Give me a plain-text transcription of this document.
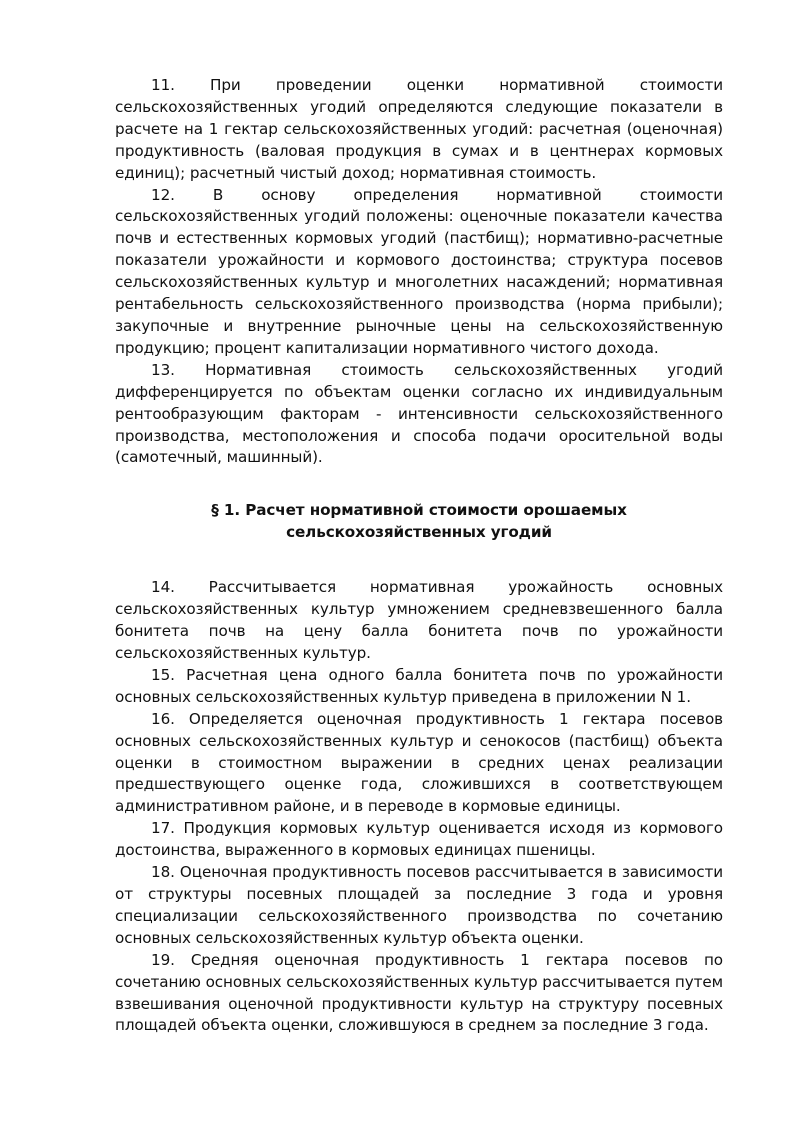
11. При проведении оценки нормативной стоимости сельскохозяйственных угодий определяются следующие показатели в расчете на 1 гектар сельскохозяйственных угодий: расчетная (оценочная) продуктивность (валовая продукция в сумах и в центнерах кормовых единиц); расчетный чистый доход; нормативная стоимость.

12. В основу определения нормативной стоимости сельскохозяйственных угодий положены: оценочные показатели качества почв и естественных кормовых угодий (пастбищ); нормативно-расчетные показатели урожайности и кормового достоинства; структура посевов сельскохозяйственных культур и многолетних насаждений; нормативная рентабельность сельскохозяйственного производства (норма прибыли); закупочные и внутренние рыночные цены на сельскохозяйственную продукцию; процент капитализации нормативного чистого дохода.

13. Нормативная стоимость сельскохозяйственных угодий дифференцируется по объектам оценки согласно их индивидуальным рентообразующим факторам - интенсивности сельскохозяйственного производства, местоположения и способа подачи оросительной воды (самотечный, машинный).

§ 1. Расчет нормативной стоимости орошаемых
сельскохозяйственных угодий

14. Рассчитывается нормативная урожайность основных сельскохозяйственных культур умножением средневзвешенного балла бонитета почв на цену балла бонитета почв по урожайности сельскохозяйственных культур.

15. Расчетная цена одного балла бонитета почв по урожайности основных сельскохозяйственных культур приведена в приложении N 1.

16. Определяется оценочная продуктивность 1 гектара посевов основных сельскохозяйственных культур и сенокосов (пастбищ) объекта оценки в стоимостном выражении в средних ценах реализации предшествующего оценке года, сложившихся в соответствующем административном районе, и в переводе в кормовые единицы.

17. Продукция кормовых культур оценивается исходя из кормового достоинства, выраженного в кормовых единицах пшеницы.

18. Оценочная продуктивность посевов рассчитывается в зависимости от структуры посевных площадей за последние 3 года и уровня специализации сельскохозяйственного производства по сочетанию основных сельскохозяйственных культур объекта оценки.

19. Средняя оценочная продуктивность 1 гектара посевов по сочетанию основных сельскохозяйственных культур рассчитывается путем взвешивания оценочной продуктивности культур на структуру посевных площадей объекта оценки, сложившуюся в среднем за последние 3 года.
